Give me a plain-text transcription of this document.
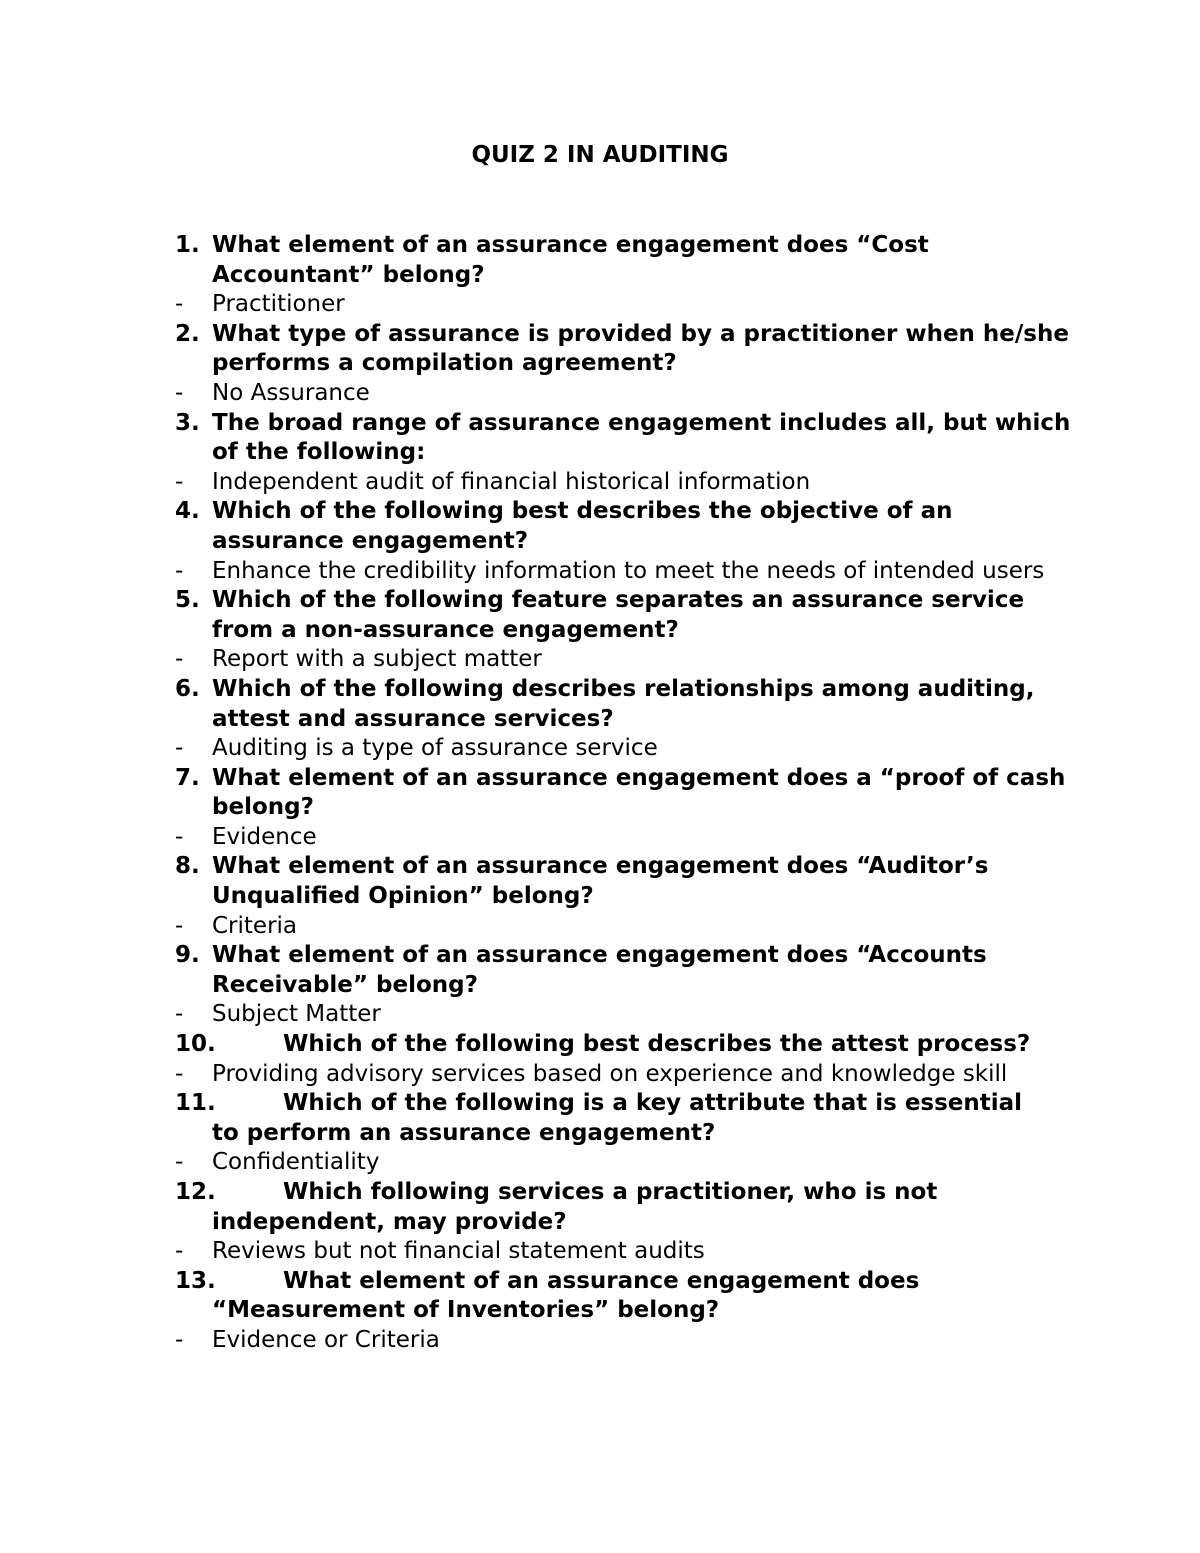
QUIZ 2 IN AUDITING
1. What element of an assurance engagement does “Cost Accountant” belong?
-	Practitioner
2. What type of assurance is provided by a practitioner when he/she performs a compilation agreement?
-	No Assurance
3. The broad range of assurance engagement includes all, but which of the following:
-	Independent audit of financial historical information
4. Which of the following best describes the objective of an assurance engagement?
-	Enhance the credibility information to meet the needs of intended users
5. Which of the following feature separates an assurance service from a non-assurance engagement?
-	Report with a subject matter
6. Which of the following describes relationships among auditing, attest and assurance services?
-	Auditing is a type of assurance service
7. What element of an assurance engagement does a “proof of cash belong?
-	Evidence
8. What element of an assurance engagement does “Auditor’s Unqualified Opinion” belong?
-	Criteria
9. What element of an assurance engagement does “Accounts Receivable” belong?
-	Subject Matter
10.	Which of the following best describes the attest process?
-	Providing advisory services based on experience and knowledge skill
11.	Which of the following is a key attribute that is essential
to perform an assurance engagement?
-	Confidentiality
12.	Which following services a practitioner, who is not
independent, may provide?
-	Reviews but not financial statement audits
13.	What element of an assurance engagement does
“Measurement of Inventories” belong?
-	Evidence or Criteria
